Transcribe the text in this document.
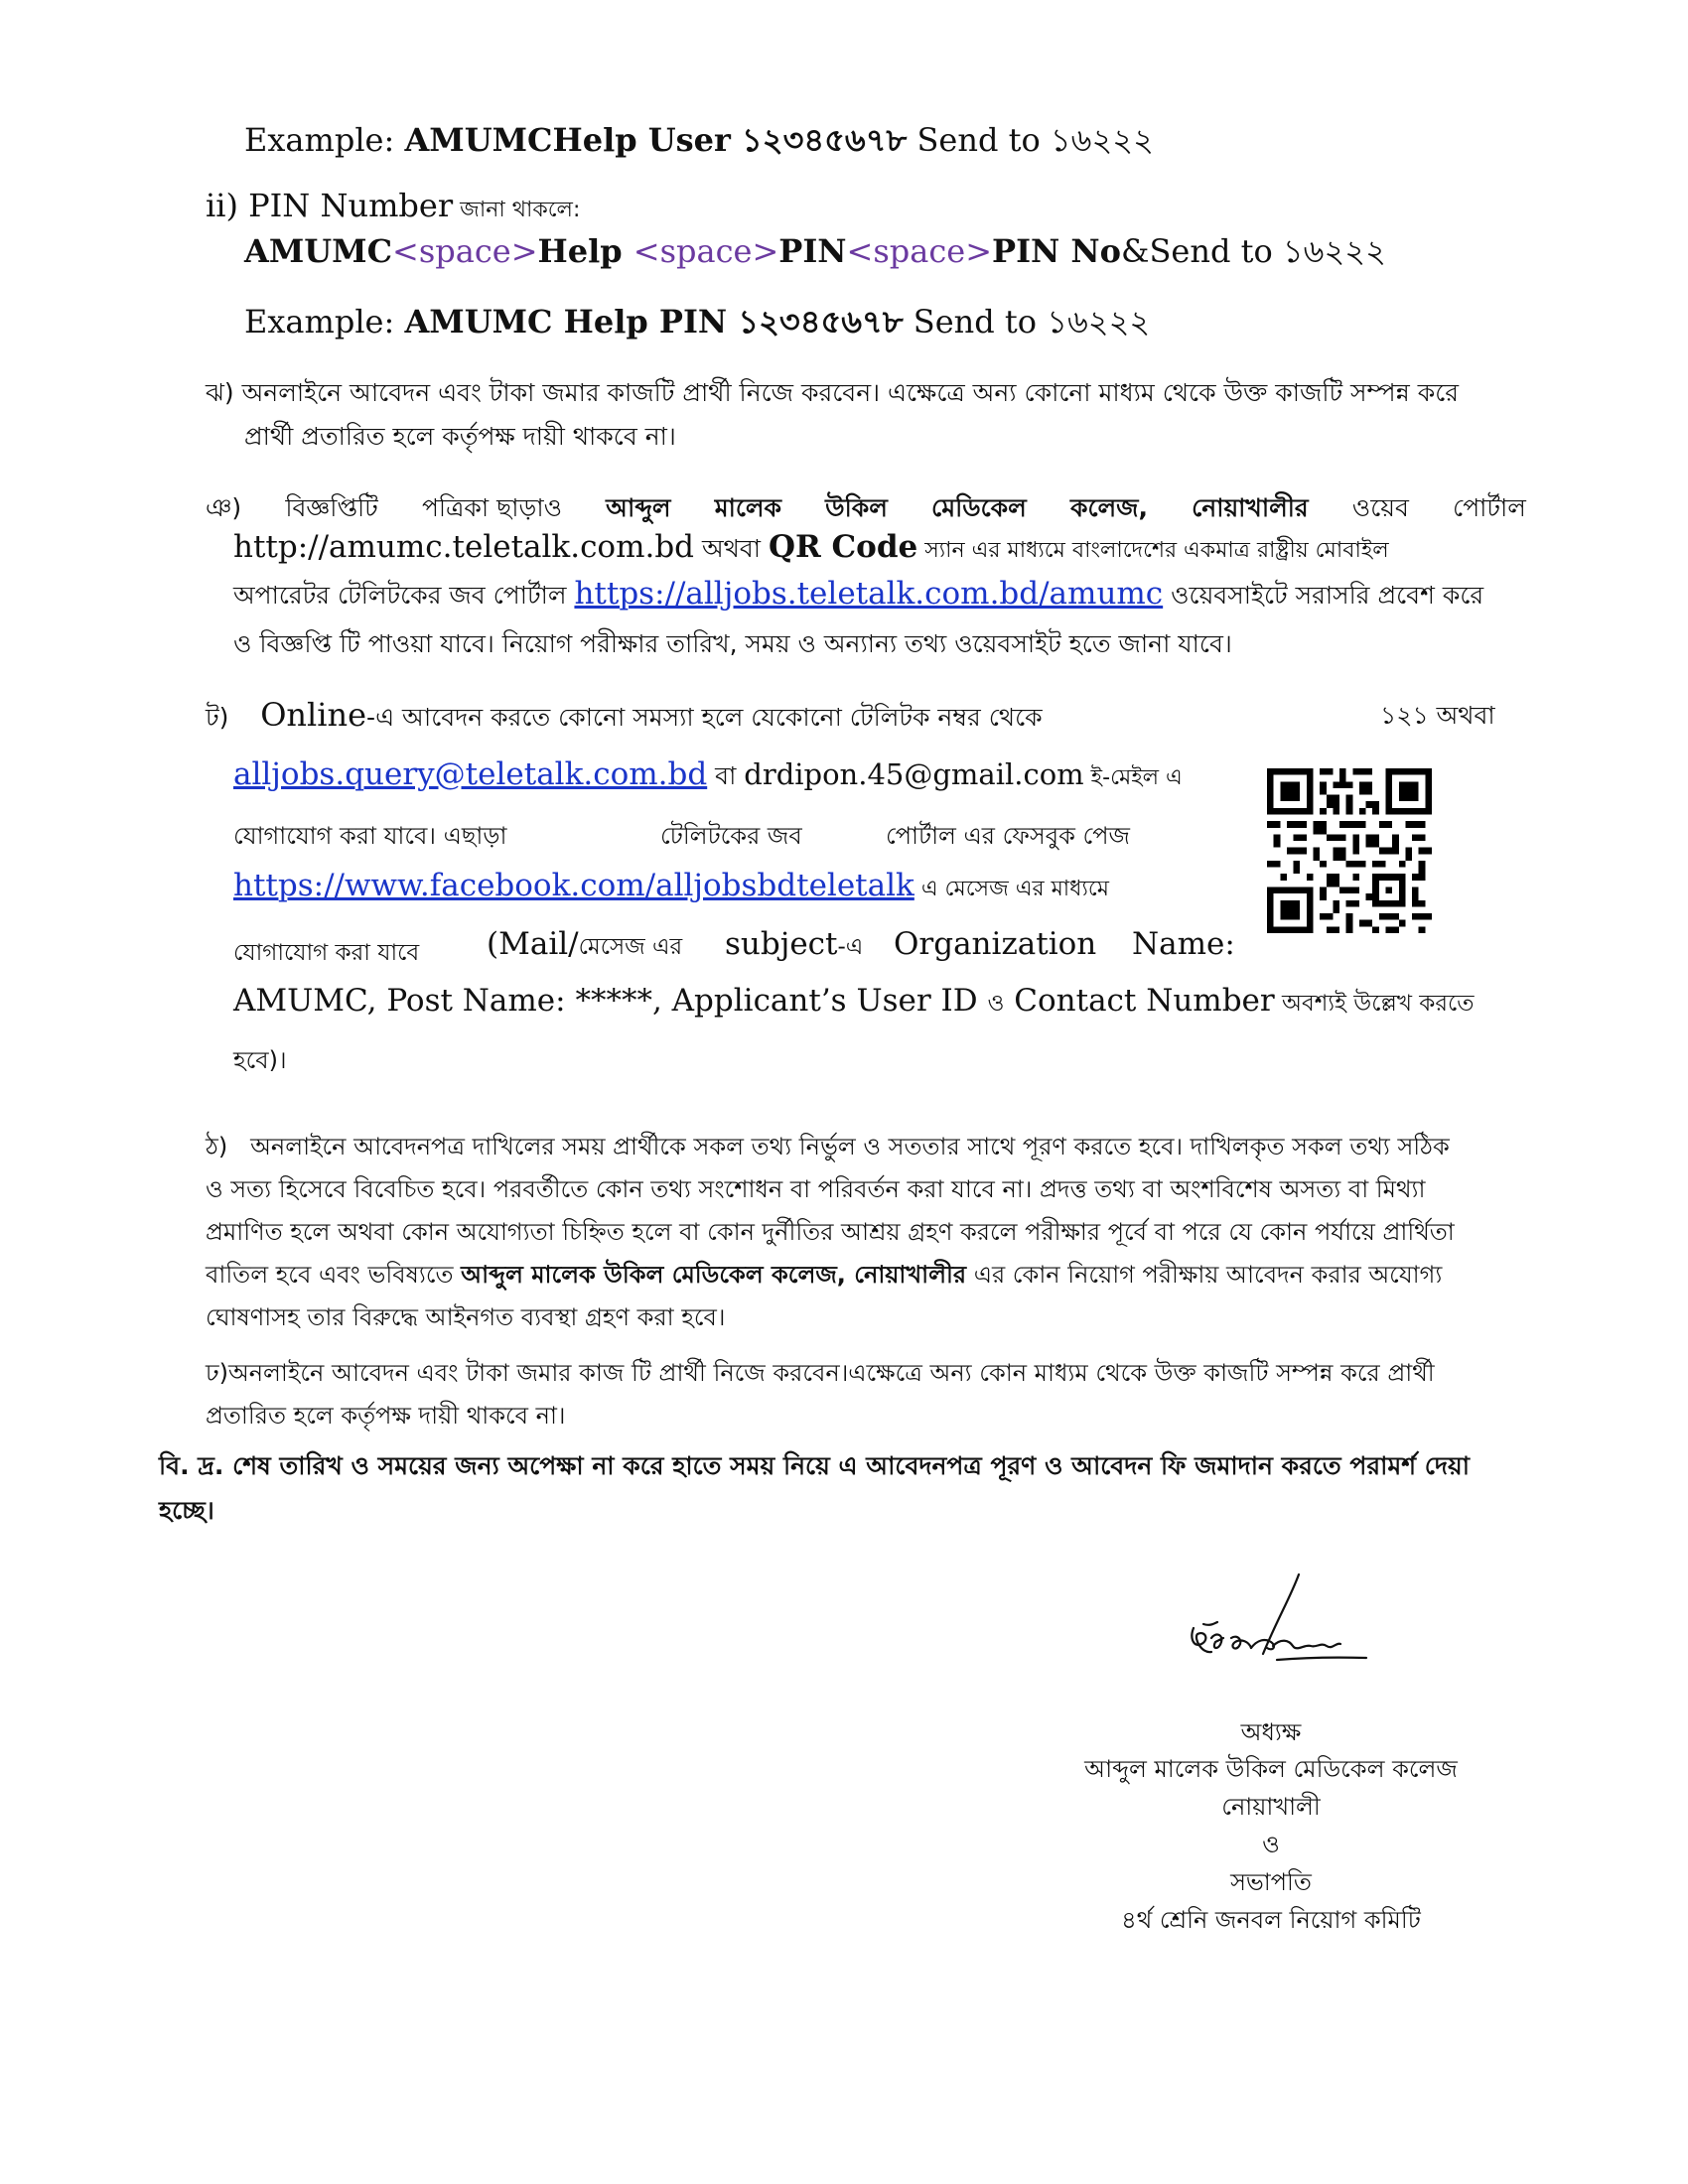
Example: AMUMCHelp User ১২৩৪৫৬৭৮ Send to ১৬২২২
ii) PIN Number জানা থাকলে:
AMUMC<space>Help <space>PIN<space>PIN No&Send to ১৬২২২
Example: AMUMC Help PIN ১২৩৪৫৬৭৮ Send to ১৬২২২
ঝ) অনলাইনে আবেদন এবং টাকা জমার কাজটি প্রার্থী নিজে করবেন। এক্ষেত্রে অন্য কোনো মাধ্যম থেকে উক্ত কাজটি সম্পন্ন করে
প্রার্থী প্রতারিত হলে কর্তৃপক্ষ দায়ী থাকবে না।
ঞ) বিজ্ঞপ্তিটি পত্রিকা ছাড়াও আব্দুল মালেক উকিল মেডিকেল কলেজ, নোয়াখালীর ওয়েব পোর্টাল
http://amumc.teletalk.com.bd অথবা QR Code স্যান এর মাধ্যমে বাংলাদেশের একমাত্র রাষ্ট্রীয় মোবাইল
অপারেটর টেলিটকের জব পোর্টাল https://alljobs.teletalk.com.bd/amumc ওয়েবসাইটে সরাসরি প্রবেশ করে
ও বিজ্ঞপ্তি টি পাওয়া যাবে। নিয়োগ পরীক্ষার তারিখ, সময় ও অন্যান্য তথ্য ওয়েবসাইট হতে জানা যাবে।
ট) Online-এ আবেদন করতে কোনো সমস্যা হলে যেকোনো টেলিটক নম্বর থেকে	১২১ অথবা
alljobs.query@teletalk.com.bd বা drdipon.45@gmail.com ই-মেইল এ
যোগাযোগ করা যাবে। এছাড়া	টেলিটকের জব	পোর্টাল এর ফেসবুক পেজ
https://www.facebook.com/alljobsbdteletalk এ মেসেজ এর মাধ্যমে
যোগাযোগ করা যাবে (Mail/মেসেজ এর subject-এ Organization Name:
AMUMC, Post Name: *****, Applicant’s User ID ও Contact Number অবশ্যই উল্লেখ করতে
হবে)।
ঠ) অনলাইনে আবেদনপত্র দাখিলের সময় প্রার্থীকে সকল তথ্য নির্ভুল ও সততার সাথে পূরণ করতে হবে। দাখিলকৃত সকল তথ্য সঠিক
ও সত্য হিসেবে বিবেচিত হবে। পরবর্তীতে কোন তথ্য সংশোধন বা পরিবর্তন করা যাবে না। প্রদত্ত তথ্য বা অংশবিশেষ অসত্য বা মিথ্যা
প্রমাণিত হলে অথবা কোন অযোগ্যতা চিহ্নিত হলে বা কোন দুর্নীতির আশ্রয় গ্রহণ করলে পরীক্ষার পূর্বে বা পরে যে কোন পর্যায়ে প্রার্থিতা
বাতিল হবে এবং ভবিষ্যতে আব্দুল মালেক উকিল মেডিকেল কলেজ, নোয়াখালীর এর কোন নিয়োগ পরীক্ষায় আবেদন করার অযোগ্য
ঘোষণাসহ তার বিরুদ্ধে আইনগত ব্যবস্থা গ্রহণ করা হবে।
ঢ)অনলাইনে আবেদন এবং টাকা জমার কাজ টি প্রার্থী নিজে করবেন।এক্ষেত্রে অন্য কোন মাধ্যম থেকে উক্ত কাজটি সম্পন্ন করে প্রার্থী
প্রতারিত হলে কর্তৃপক্ষ দায়ী থাকবে না।
বি. দ্র. শেষ তারিখ ও সময়ের জন্য অপেক্ষা না করে হাতে সময় নিয়ে এ আবেদনপত্র পূরণ ও আবেদন ফি জমাদান করতে পরামর্শ দেয়া
হচ্ছে।
অধ্যক্ষ
আব্দুল মালেক উকিল মেডিকেল কলেজ
নোয়াখালী
ও
সভাপতি
৪র্থ শ্রেনি জনবল নিয়োগ কমিটি
